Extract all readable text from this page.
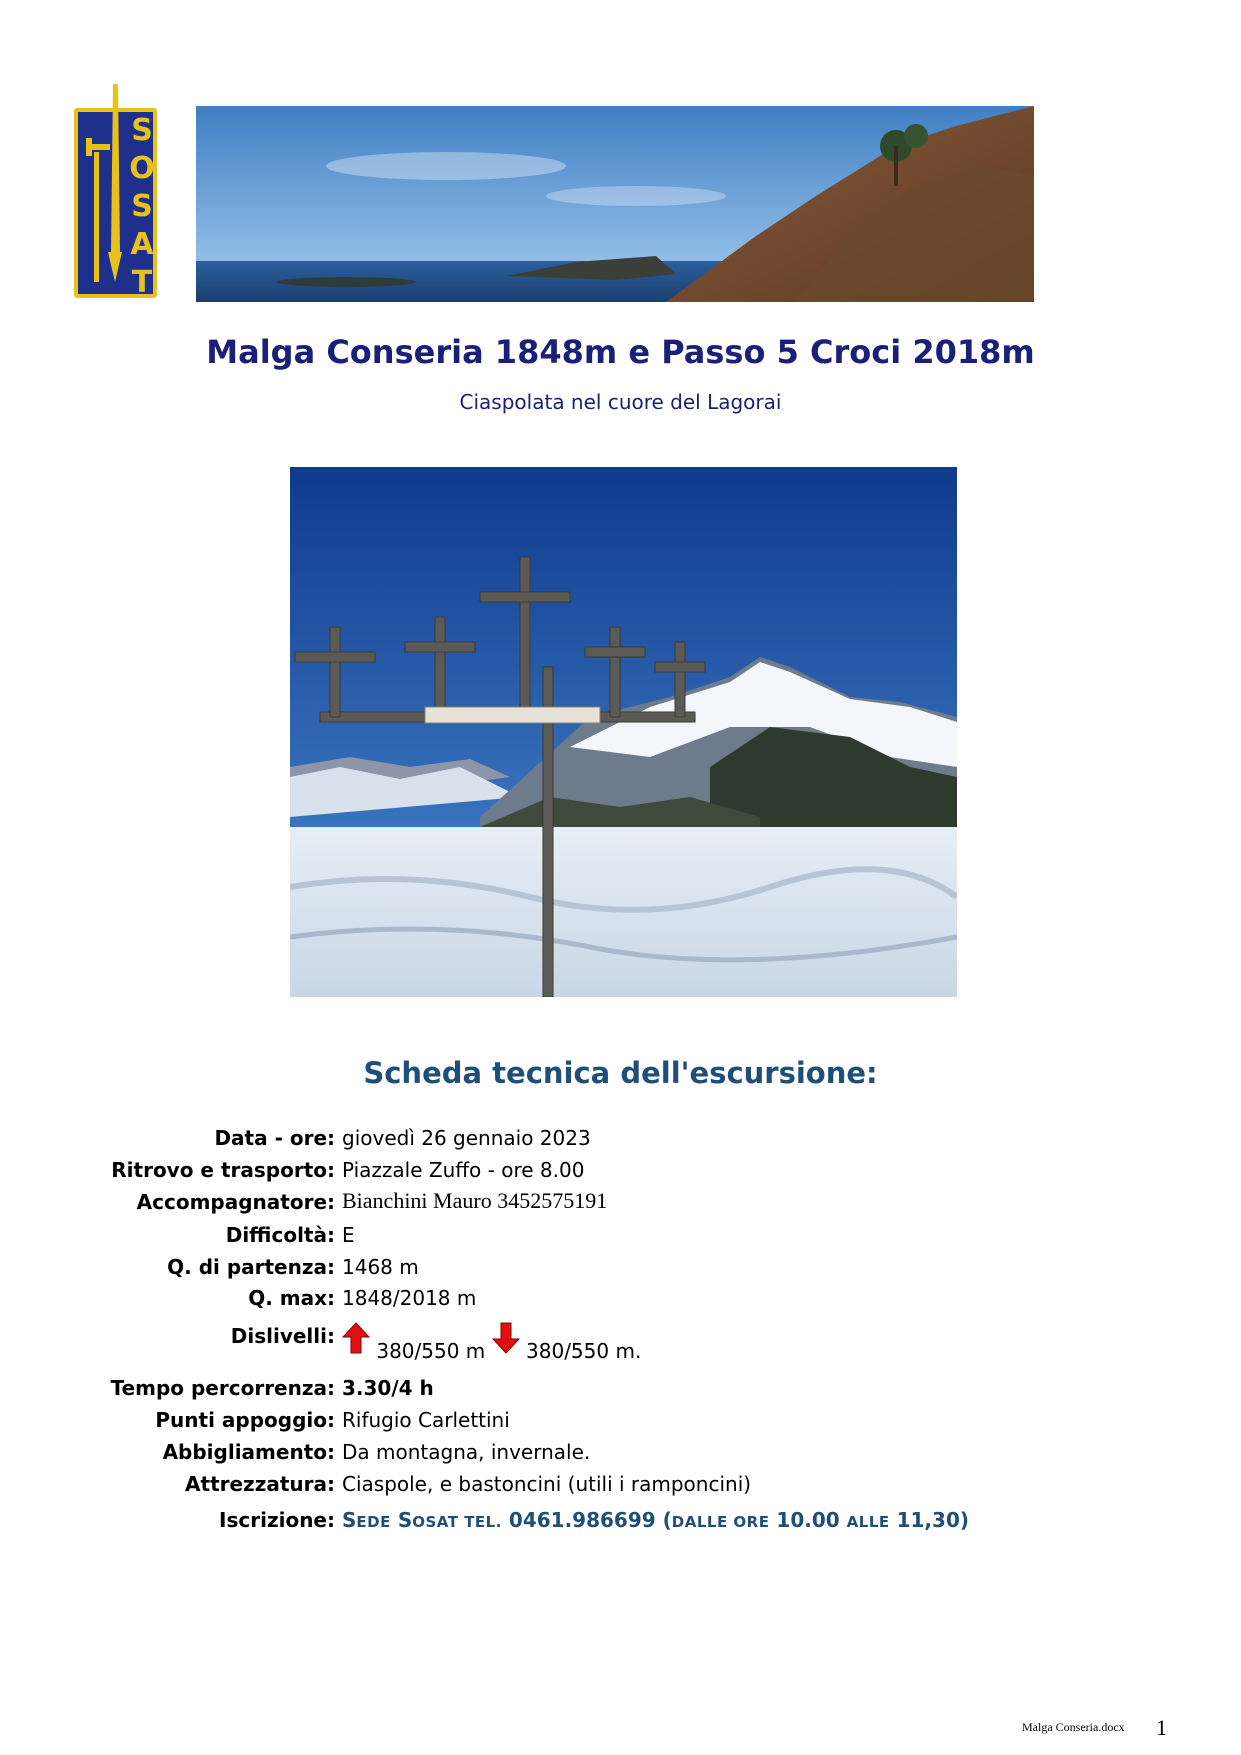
S
O
S
A
T
Malga Conseria 1848m e Passo 5 Croci 2018m
Ciaspolata nel cuore del Lagorai
Scheda tecnica dell'escursione:
Data - ore: giovedì 26 gennaio 2023
Ritrovo e trasporto: Piazzale Zuffo - ore 8.00
Accompagnatore: Bianchini Mauro 3452575191
Difficoltà: E
Q. di partenza: 1468 m
Q. max: 1848/2018 m
Dislivelli:
380/550 m 380/550 m.
Tempo percorrenza: 3.30/4 h
Punti appoggio: Rifugio Carlettini
Abbigliamento: Da montagna, invernale.
Attrezzatura: Ciaspole, e bastoncini (utili i ramponcini)
Iscrizione: SEDE SOSAT TEL. 0461.986699 (DALLE ORE 10.00 ALLE 11,30)
Malga Conseria.docx 1
